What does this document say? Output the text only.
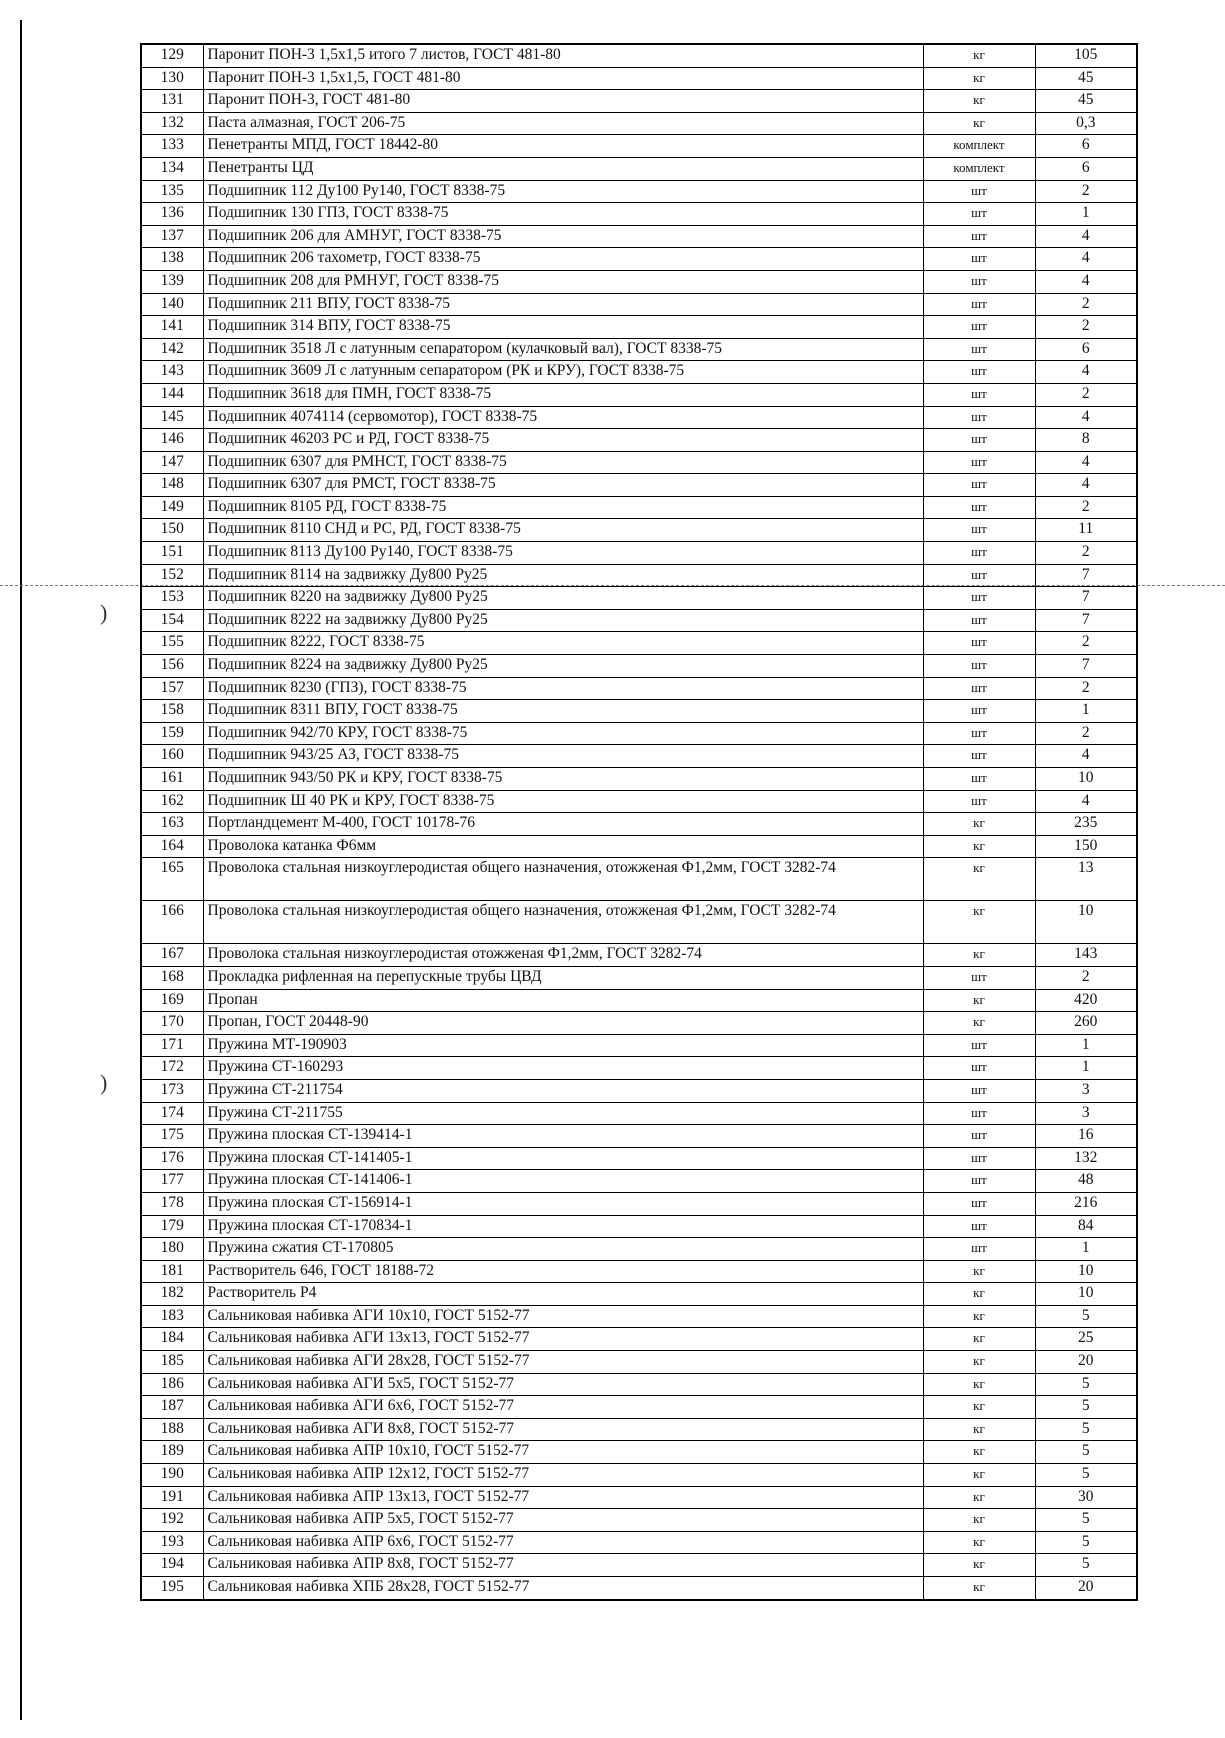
)
)
129	Паронит ПОН-3 1,5х1,5 итого 7 листов, ГОСТ 481-80	кг	105
130	Паронит ПОН-3 1,5х1,5, ГОСТ 481-80	кг	45
131	Паронит ПОН-3, ГОСТ 481-80	кг	45
132	Паста алмазная, ГОСТ 206-75	кг	0,3
133	Пенетранты МПД, ГОСТ 18442-80	комплект	6
134	Пенетранты ЦД	комплект	6
135	Подшипник 112 Ду100 Ру140, ГОСТ 8338-75	шт	2
136	Подшипник 130 ГПЗ, ГОСТ 8338-75	шт	1
137	Подшипник 206 для АМНУГ, ГОСТ 8338-75	шт	4
138	Подшипник 206 тахометр, ГОСТ 8338-75	шт	4
139	Подшипник 208 для РМНУГ, ГОСТ 8338-75	шт	4
140	Подшипник 211 ВПУ, ГОСТ 8338-75	шт	2
141	Подшипник 314 ВПУ, ГОСТ 8338-75	шт	2
142	Подшипник 3518 Л с латунным сепаратором (кулачковый вал), ГОСТ 8338-75	шт	6
143	Подшипник 3609 Л с латунным сепаратором (РК и КРУ), ГОСТ 8338-75	шт	4
144	Подшипник 3618 для ПМН, ГОСТ 8338-75	шт	2
145	Подшипник 4074114 (сервомотор), ГОСТ 8338-75	шт	4
146	Подшипник 46203 РС и РД, ГОСТ 8338-75	шт	8
147	Подшипник 6307 для РМНСТ, ГОСТ 8338-75	шт	4
148	Подшипник 6307 для РМСТ, ГОСТ 8338-75	шт	4
149	Подшипник 8105 РД, ГОСТ 8338-75	шт	2
150	Подшипник 8110 СНД и РС, РД, ГОСТ 8338-75	шт	11
151	Подшипник 8113 Ду100 Ру140, ГОСТ 8338-75	шт	2
152	Подшипник 8114 на задвижку Ду800 Ру25	шт	7
153	Подшипник 8220 на задвижку Ду800 Ру25	шт	7
154	Подшипник 8222 на задвижку Ду800 Ру25	шт	7
155	Подшипник 8222, ГОСТ 8338-75	шт	2
156	Подшипник 8224 на задвижку Ду800 Ру25	шт	7
157	Подшипник 8230 (ГПЗ), ГОСТ 8338-75	шт	2
158	Подшипник 8311 ВПУ, ГОСТ 8338-75	шт	1
159	Подшипник 942/70 КРУ, ГОСТ 8338-75	шт	2
160	Подшипник 943/25 АЗ, ГОСТ 8338-75	шт	4
161	Подшипник 943/50 РК и КРУ, ГОСТ 8338-75	шт	10
162	Подшипник Ш 40 РК и КРУ, ГОСТ 8338-75	шт	4
163	Портландцемент М-400, ГОСТ 10178-76	кг	235
164	Проволока катанка Ф6мм	кг	150
165	Проволока стальная низкоуглеродистая общего назначения, отожженая Ф1,2мм, ГОСТ 3282-74	кг	13
166	Проволока стальная низкоуглеродистая общего назначения, отожженая Ф1,2мм, ГОСТ 3282-74	кг	10
167	Проволока стальная низкоуглеродистая отожженая Ф1,2мм, ГОСТ 3282-74	кг	143
168	Прокладка рифленная на перепускные трубы ЦВД	шт	2
169	Пропан	кг	420
170	Пропан, ГОСТ 20448-90	кг	260
171	Пружина МТ-190903	шт	1
172	Пружина СТ-160293	шт	1
173	Пружина СТ-211754	шт	3
174	Пружина СТ-211755	шт	3
175	Пружина плоская СТ-139414-1	шт	16
176	Пружина плоская СТ-141405-1	шт	132
177	Пружина плоская СТ-141406-1	шт	48
178	Пружина плоская СТ-156914-1	шт	216
179	Пружина плоская СТ-170834-1	шт	84
180	Пружина сжатия СТ-170805	шт	1
181	Растворитель 646, ГОСТ 18188-72	кг	10
182	Растворитель Р4	кг	10
183	Сальниковая набивка АГИ 10х10, ГОСТ 5152-77	кг	5
184	Сальниковая набивка АГИ 13х13, ГОСТ 5152-77	кг	25
185	Сальниковая набивка АГИ 28х28, ГОСТ 5152-77	кг	20
186	Сальниковая набивка АГИ 5х5, ГОСТ 5152-77	кг	5
187	Сальниковая набивка АГИ 6х6, ГОСТ 5152-77	кг	5
188	Сальниковая набивка АГИ 8х8, ГОСТ 5152-77	кг	5
189	Сальниковая набивка АПР 10х10, ГОСТ 5152-77	кг	5
190	Сальниковая набивка АПР 12х12, ГОСТ 5152-77	кг	5
191	Сальниковая набивка АПР 13х13, ГОСТ 5152-77	кг	30
192	Сальниковая набивка АПР 5х5, ГОСТ 5152-77	кг	5
193	Сальниковая набивка АПР 6х6, ГОСТ 5152-77	кг	5
194	Сальниковая набивка АПР 8х8, ГОСТ 5152-77	кг	5
195	Сальниковая набивка ХПБ 28х28, ГОСТ 5152-77	кг	20
